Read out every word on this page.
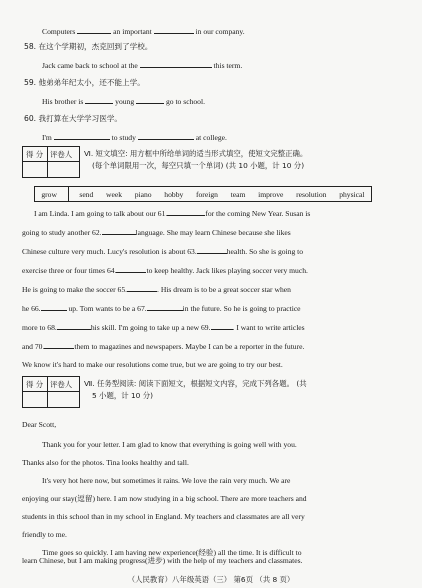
Computers	an important	in our company.
58. 在这个学期初，杰克回到了学校。
Jack came back to school at the	this term.
59. 他弟弟年纪太小，还不能上学。
His brother is	young	go to school.
60. 我打算在大学学习医学。
I'm	to study	at college.
得 分 评卷人 Ⅵ. 短文填空: 用方框中所给单词的适当形式填空，使短文完整正确。
(每个单词限用一次，每空只填一个单词) (共 10 小题，计 10 分)
grow	send week piano hobby foreign team improve resolution physical
I am Linda. I am going to talk about our 61.	for the coming New Year. Susan is
going to study another 62.	language. She may learn Chinese because she likes
Chinese culture very much. Lucy's resolution is about 63.	health. So she is going to
exercise three or four times 64.	to keep healthy. Jack likes playing soccer very much.
He is going to make the soccer 65.	. His dream is to be a great soccer star when
he 66.	up. Tom wants to be a 67.	in the future. So he is going to practice
more to 68.	his skill. I'm going to take up a new 69.	. I want to write articles
and 70.	them to magazines and newspapers. Maybe I can be a reporter in the future.
We know it's hard to make our resolutions come true, but we are going to try our best.
得 分 评卷人 Ⅶ. 任务型阅读: 阅读下面短文，根据短文内容，完成下列各题。 (共
5 小题，计 10 分)
Dear Scott,
Thank you for your letter. I am glad to know that everything is going well with you.
Thanks also for the photos. Tina looks healthy and tall.
It's very hot here now, but sometimes it rains. We love the rain very much. We are
enjoying our stay(逗留) here. I am now studying in a big school. There are more teachers and
students in this school than in my school in England. My teachers and classmates are all very
friendly to me.
Time goes so quickly. I am having new experience(经验) all the time. It is difficult to
learn Chinese, but I am making progress(进步) with the help of my teachers and classmates.
（人民教育）八年级英语（三） 第6页 （共 8 页）
